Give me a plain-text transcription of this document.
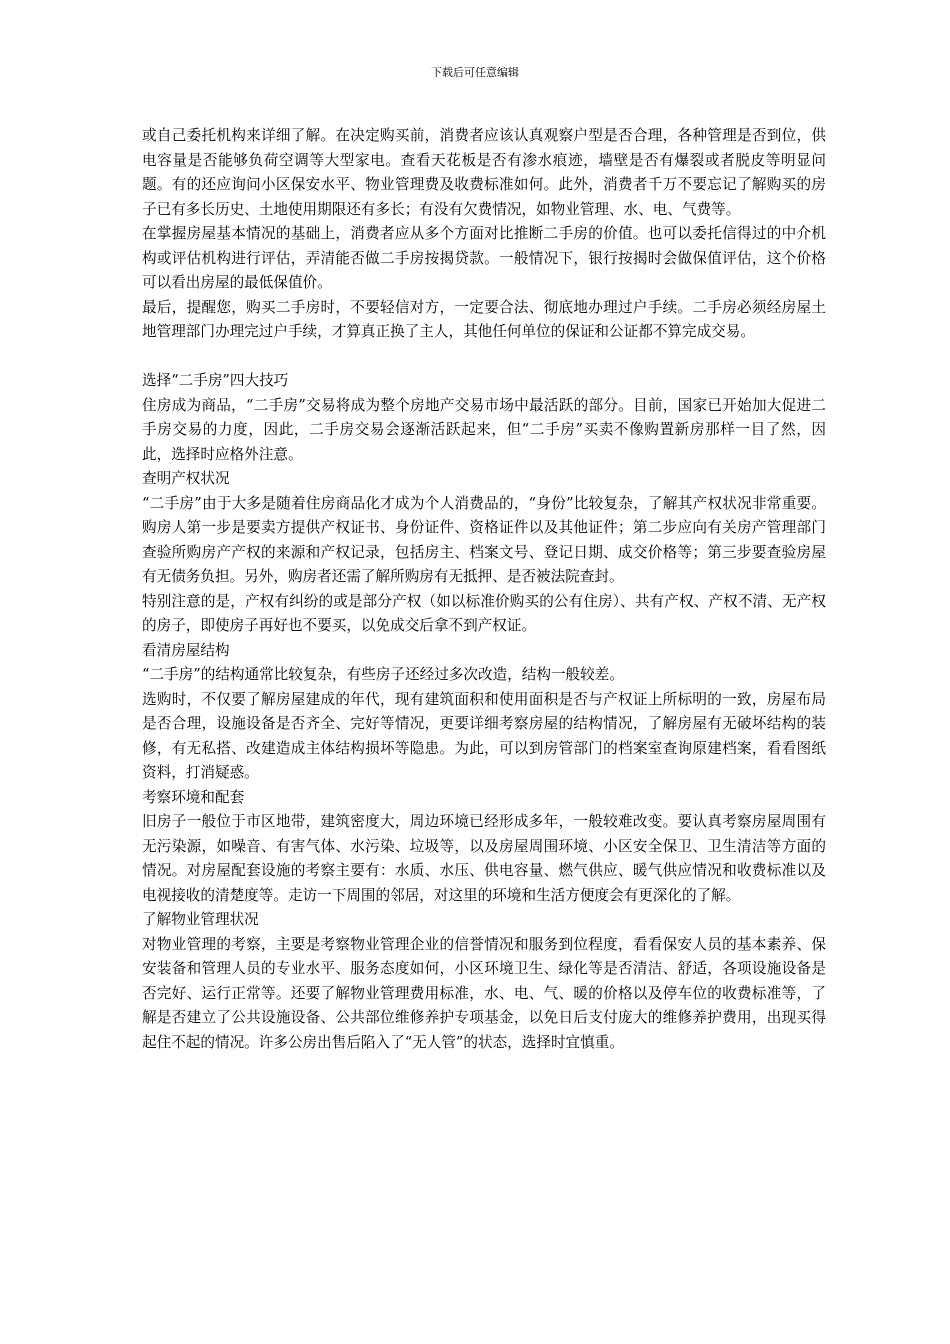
下载后可任意编辑

或自己委托机构来详细了解。在决定购买前，消费者应该认真观察户型是否合理，各种管理是否到位，供电容量是否能够负荷空调等大型家电。查看天花板是否有渗水痕迹，墙壁是否有爆裂或者脱皮等明显问题。有的还应询问小区保安水平、物业管理费及收费标准如何。此外，消费者千万不要忘记了解购买的房子已有多长历史、土地使用期限还有多长；有没有欠费情况，如物业管理、水、电、气费等。

在掌握房屋基本情况的基础上，消费者应从多个方面对比推断二手房的价值。也可以委托信得过的中介机构或评估机构进行评估，弄清能否做二手房按揭贷款。一般情况下，银行按揭时会做保值评估，这个价格可以看出房屋的最低保值价。

最后，提醒您，购买二手房时，不要轻信对方，一定要合法、彻底地办理过户手续。二手房必须经房屋土地管理部门办理完过户手续，才算真正换了主人，其他任何单位的保证和公证都不算完成交易。

选择“二手房”四大技巧

住房成为商品，“二手房”交易将成为整个房地产交易市场中最活跃的部分。目前，国家已开始加大促进二手房交易的力度，因此，二手房交易会逐渐活跃起来，但“二手房”买卖不像购置新房那样一目了然，因此，选择时应格外注意。

查明产权状况

“二手房”由于大多是随着住房商品化才成为个人消费品的，“身份”比较复杂，了解其产权状况非常重要。购房人第一步是要卖方提供产权证书、身份证件、资格证件以及其他证件；第二步应向有关房产管理部门查验所购房产产权的来源和产权记录，包括房主、档案文号、登记日期、成交价格等；第三步要查验房屋有无债务负担。另外，购房者还需了解所购房有无抵押、是否被法院查封。

特别注意的是，产权有纠纷的或是部分产权（如以标准价购买的公有住房）、共有产权、产权不清、无产权的房子，即使房子再好也不要买，以免成交后拿不到产权证。

看清房屋结构

“二手房”的结构通常比较复杂，有些房子还经过多次改造，结构一般较差。

选购时，不仅要了解房屋建成的年代，现有建筑面积和使用面积是否与产权证上所标明的一致，房屋布局是否合理，设施设备是否齐全、完好等情况，更要详细考察房屋的结构情况，了解房屋有无破坏结构的装修，有无私搭、改建造成主体结构损坏等隐患。为此，可以到房管部门的档案室查询原建档案，看看图纸资料，打消疑惑。

考察环境和配套

旧房子一般位于市区地带，建筑密度大，周边环境已经形成多年，一般较难改变。要认真考察房屋周围有无污染源，如噪音、有害气体、水污染、垃圾等，以及房屋周围环境、小区安全保卫、卫生清洁等方面的情况。对房屋配套设施的考察主要有：水质、水压、供电容量、燃气供应、暖气供应情况和收费标准以及电视接收的清楚度等。走访一下周围的邻居，对这里的环境和生活方便度会有更深化的了解。

了解物业管理状况

对物业管理的考察，主要是考察物业管理企业的信誉情况和服务到位程度，看看保安人员的基本素养、保安装备和管理人员的专业水平、服务态度如何，小区环境卫生、绿化等是否清洁、舒适，各项设施设备是否完好、运行正常等。还要了解物业管理费用标准，水、电、气、暖的价格以及停车位的收费标准等，了解是否建立了公共设施设备、公共部位维修养护专项基金，以免日后支付庞大的维修养护费用，出现买得起住不起的情况。许多公房出售后陷入了“无人管”的状态，选择时宜慎重。
